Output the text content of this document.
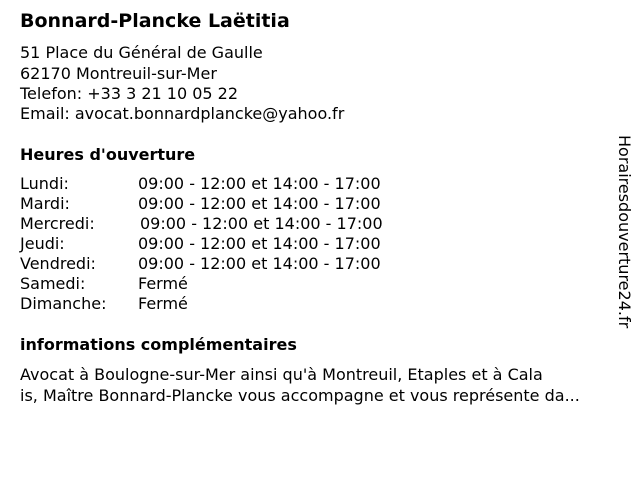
Bonnard-Plancke Laëtitia
51 Place du Général de Gaulle
62170 Montreuil-sur-Mer
Telefon: +33 3 21 10 05 22
Email: avocat.bonnardplancke@yahoo.fr
Heures d'ouverture
Lundi:	09:00 - 12:00 et 14:00 - 17:00
Mardi:	09:00 - 12:00 et 14:00 - 17:00
Mercredi:	09:00 - 12:00 et 14:00 - 17:00
Jeudi:	09:00 - 12:00 et 14:00 - 17:00
Vendredi:	09:00 - 12:00 et 14:00 - 17:00
Samedi:	Fermé
Dimanche: Fermé
informations complémentaires
Avocat à Boulogne-sur-Mer ainsi qu'à Montreuil, Etaples et à Cala
is, Maître Bonnard-Plancke vous accompagne et vous représente da...
Horairesdouverture24.fr
